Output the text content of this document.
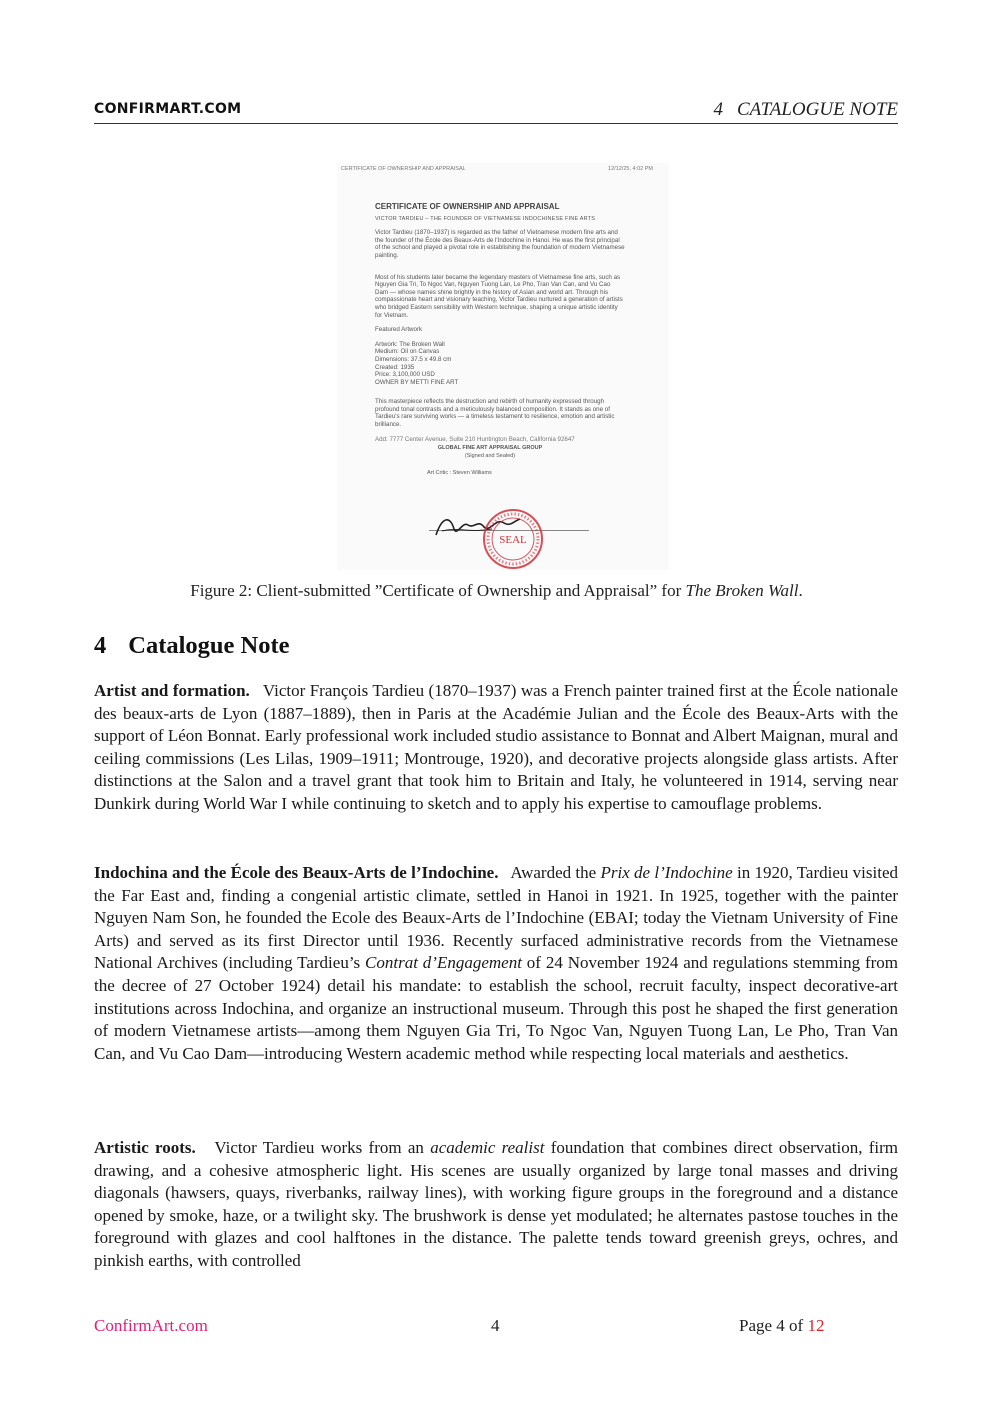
CONFIRMART.COM	4 CATALOGUE NOTE
CERTIFICATE OF OWNERSHIP AND APPRAISAL	12/12/25, 4:02 PM
CERTIFICATE OF OWNERSHIP AND APPRAISAL
VICTOR TARDIEU – THE FOUNDER OF VIETNAMESE INDOCHINESE FINE ARTS

Victor Tardieu (1870–1937) is regarded as the father of Vietnamese modern fine arts and the founder of the École des Beaux-Arts de l'Indochine in Hanoi. He was the first principal of the school and played a pivotal role in establishing the foundation of modern Vietnamese painting.

Most of his students later became the legendary masters of Vietnamese fine arts, such as Nguyen Gia Tri, To Ngoc Van, Nguyen Tuong Lan, Le Pho, Tran Van Can, and Vu Cao Dam — whose names shine brightly in the history of Asian and world art. Through his compassionate heart and visionary teaching, Victor Tardieu nurtured a generation of artists who bridged Eastern sensibility with Western technique, shaping a unique artistic identity for Vietnam.

Featured Artwork

Artwork: The Broken Wall
Medium: Oil on Canvas
Dimensions: 37.5 x 49.8 cm
Created: 1935
Price: 3,100,000 USD
OWNER BY METTI FINE ART

This masterpiece reflects the destruction and rebirth of humanity expressed through profound tonal contrasts and a meticulously balanced composition. It stands as one of Tardieu's rare surviving works — a timeless testament to resilience, emotion and artistic brilliance.

Add: 7777 Center Avenue, Suite 210 Huntington Beach, California 92647
GLOBAL FINE ART APPRAISAL GROUP
(Signed and Sealed)
Art Critic : Steven Williams
SEAL
Figure 2: Client-submitted ”Certificate of Ownership and Appraisal” for The Broken Wall.
4 Catalogue Note

Artist and formation. Victor François Tardieu (1870–1937) was a French painter trained first at the École nationale des beaux-arts de Lyon (1887–1889), then in Paris at the Académie Julian and the École des Beaux-Arts with the support of Léon Bonnat. Early professional work included studio assistance to Bonnat and Albert Maignan, mural and ceiling commissions (Les Lilas, 1909–1911; Montrouge, 1920), and decorative projects alongside glass artists. After distinctions at the Salon and a travel grant that took him to Britain and Italy, he volunteered in 1914, serving near Dunkirk during World War I while continuing to sketch and to apply his expertise to camouflage problems.

Indochina and the École des Beaux-Arts de l’Indochine. Awarded the Prix de l’Indochine in 1920, Tardieu visited the Far East and, finding a congenial artistic climate, settled in Hanoi in 1921. In 1925, together with the painter Nguyen Nam Son, he founded the Ecole des Beaux-Arts de l’Indochine (EBAI; today the Vietnam University of Fine Arts) and served as its first Director until 1936. Recently surfaced administrative records from the Vietnamese National Archives (including Tardieu’s Contrat d’Engagement of 24 November 1924 and regulations stemming from the decree of 27 October 1924) detail his mandate: to establish the school, recruit faculty, inspect decorative-art institutions across Indochina, and organize an instructional museum. Through this post he shaped the first generation of modern Vietnamese artists—among them Nguyen Gia Tri, To Ngoc Van, Nguyen Tuong Lan, Le Pho, Tran Van Can, and Vu Cao Dam—introducing Western academic method while respecting local materials and aesthetics.

Artistic roots. Victor Tardieu works from an academic realist foundation that combines direct observation, firm drawing, and a cohesive atmospheric light. His scenes are usually organized by large tonal masses and driving diagonals (hawsers, quays, riverbanks, railway lines), with working figure groups in the foreground and a distance opened by smoke, haze, or a twilight sky. The brushwork is dense yet modulated; he alternates pastose touches in the foreground with glazes and cool halftones in the distance. The palette tends toward greenish greys, ochres, and pinkish earths, with controlled

ConfirmArt.com	4	Page 4 of 12
